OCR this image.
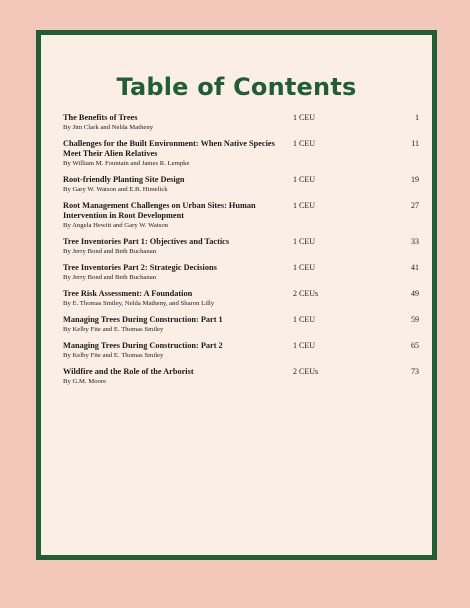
Table of Contents
The Benefits of Trees
By Jim Clark and Nelda Matheny
1 CEU	1
Challenges for the Built Environment: When Native Species Meet Their Alien Relatives
By William M. Fountain and James R. Lempke
1 CEU	11
Root-friendly Planting Site Design
By Gary W. Watson and E.B. Himelick
1 CEU	19
Root Management Challenges on Urban Sites: Human Intervention in Root Development
By Angela Hewitt and Gary W. Watson
1 CEU	27
Tree Inventories Part 1: Objectives and Tactics
By Jerry Bond and Beth Buchanan
1 CEU	33
Tree Inventories Part 2: Strategic Decisions
By Jerry Bond and Beth Buchanan
1 CEU	41
Tree Risk Assessment: A Foundation
By E. Thomas Smiley, Nelda Matheny, and Sharon Lilly
2 CEUs	49
Managing Trees During Construction: Part 1
By Kelby Fite and E. Thomas Smiley
1 CEU	59
Managing Trees During Construction: Part 2
By Kelby Fite and E. Thomas Smiley
1 CEU	65
Wildfire and the Role of the Arborist
By G.M. Moore
2 CEUs	73
